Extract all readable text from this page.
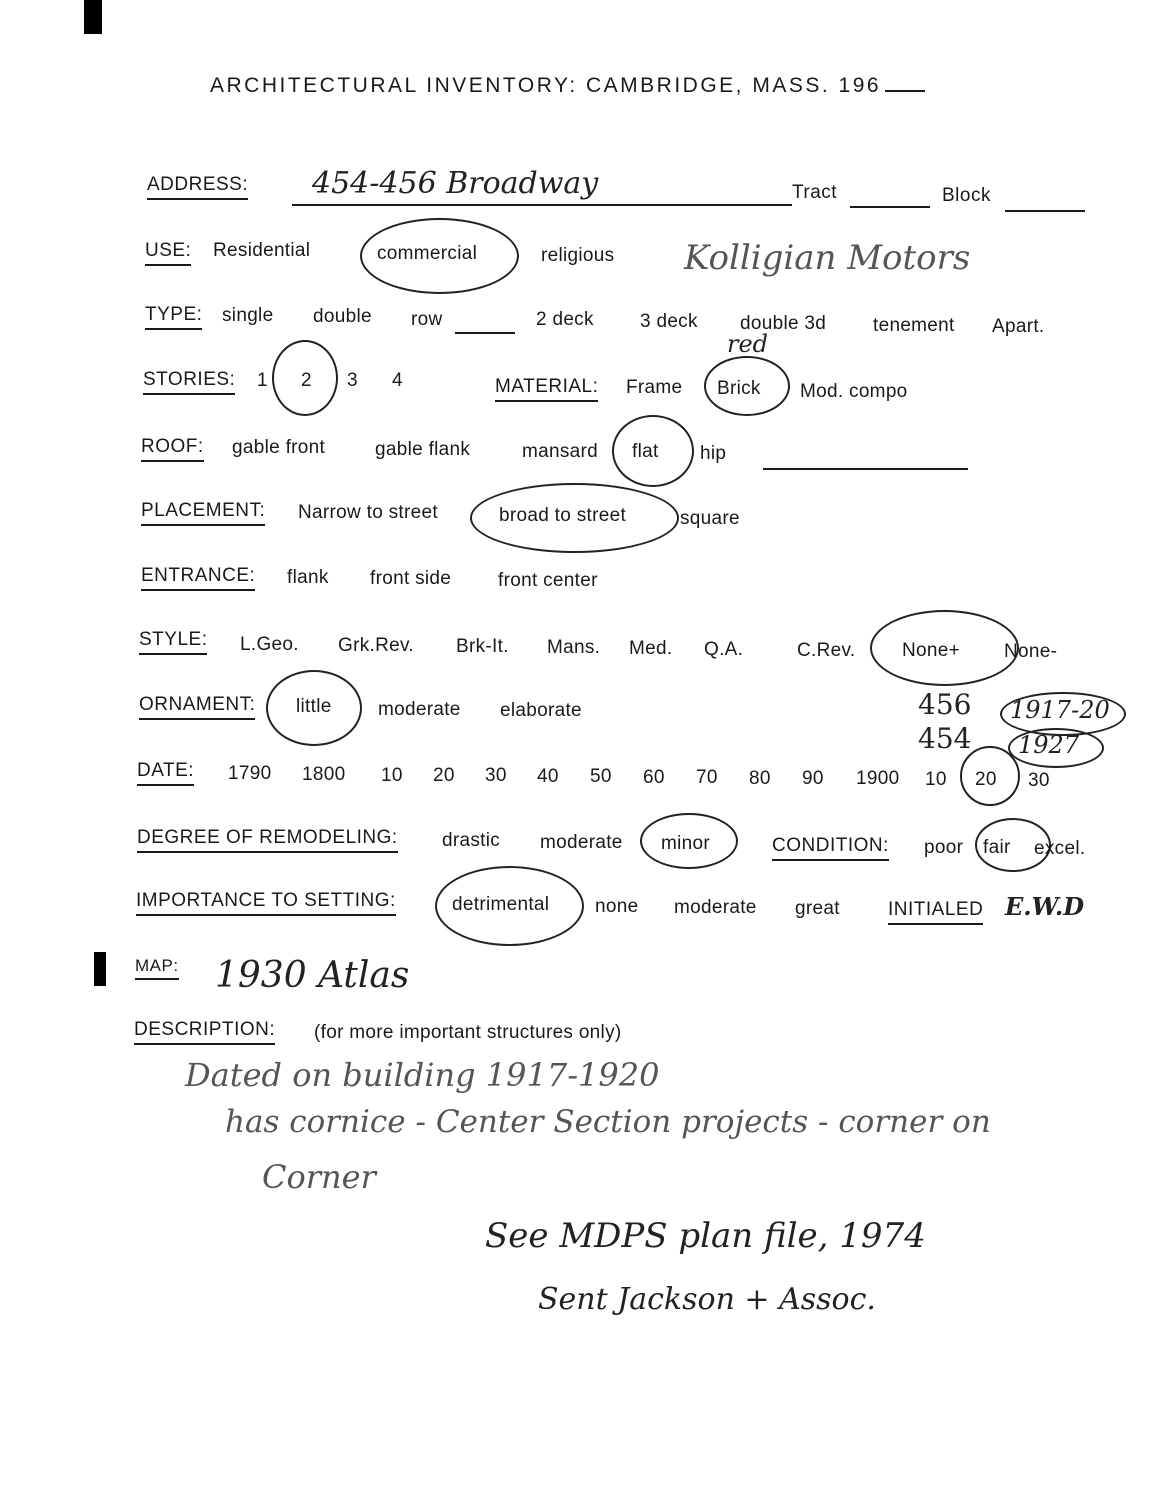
ARCHITECTURAL INVENTORY: CAMBRIDGE, MASS. 196
ADDRESS: 454-456 Broadway	Tract	Block
USE: Residential	commercial	religious Kolligian Motors
TYPE: single double row	2 deck 3 deck double 3d tenement Apart.
STORIES: 1 2 3 4	MATERIAL: Frame Brick
red
Mod. compo
ROOF: gable front	gable flank	mansard flat hip
PLACEMENT: Narrow to street	broad to street	square
ENTRANCE: flank front side front center
STYLE: L.Geo. Grk.Rev. Brk-It. Mans. Med. Q.A.	C.Rev. None+ None-
ORNAMENT: little moderate elaborate	456 1917-20
454 1927
DATE: 1790 1800 10 20 30 40 50 60 70 80 90 1900 10 20 30
DEGREE OF REMODELING: drastic moderate minor	CONDITION: poor fair excel.
IMPORTANCE TO SETTING:	detrimental none moderate great	INITIALED E.W.D
MAP: 1930 Atlas
DESCRIPTION: (for more important structures only)
Dated on building 1917-1920
has cornice - Center Section projects - corner on
Corner
See MDPS plan file, 1974
Sent Jackson + Assoc.
